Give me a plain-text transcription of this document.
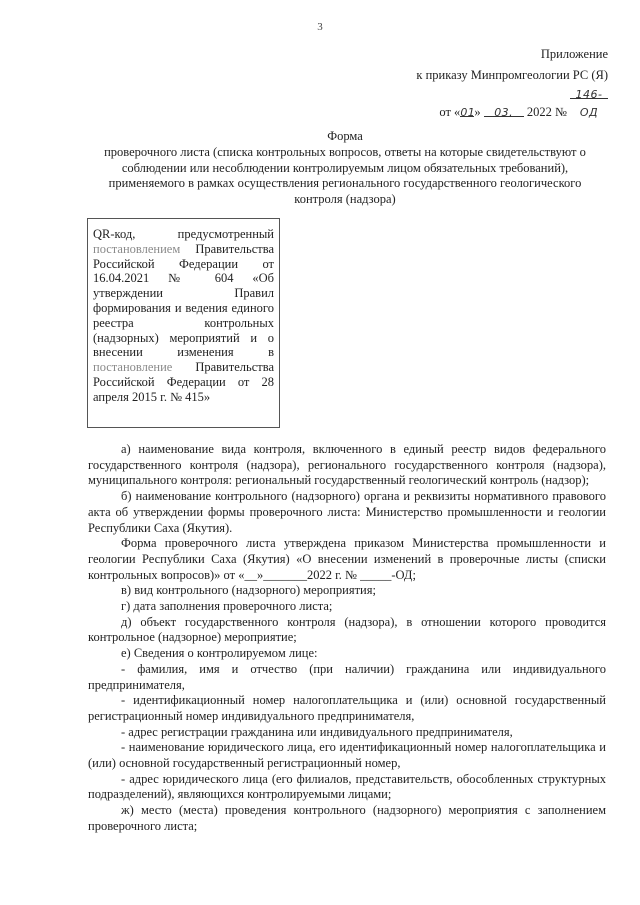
3
Приложение
к приказу Минпромгеологии РС (Я)
от «01» 03. 2022 № 146-ОД
Форма
проверочного листа (списка контрольных вопросов, ответы на которые свидетельствуют о
соблюдении или несоблюдении контролируемым лицом обязательных требований),
применяемого в рамках осуществления регионального государственного геологического
контроля (надзора)
QR-код, предусмотренный постановлением Правительства Российской Федерации от 16.04.2021 № 604 «Об утверждении Правил формирования и ведения единого реестра контрольных (надзорных) мероприятий и о внесении изменения в постановление Правительства Российской Федерации от 28 апреля 2015 г. № 415»

а) наименование вида контроля, включенного в единый реестр видов федерального государственного контроля (надзора), регионального государственного контроля (надзора), муниципального контроля: региональный государственный геологический контроль (надзор);

б) наименование контрольного (надзорного) органа и реквизиты нормативного правового акта об утверждении формы проверочного листа: Министерство промышленности и геологии Республики Саха (Якутия).

Форма проверочного листа утверждена приказом Министерства промышленности и геологии Республики Саха (Якутия) «О внесении изменений в проверочные листы (списки контрольных вопросов)» от «__»_______2022 г. № _____-ОД;

в) вид контрольного (надзорного) мероприятия;

г) дата заполнения проверочного листа;

д) объект государственного контроля (надзора), в отношении которого проводится контрольное (надзорное) мероприятие;

е) Сведения о контролируемом лице:

- фамилия, имя и отчество (при наличии) гражданина или индивидуального предпринимателя,

- идентификационный номер налогоплательщика и (или) основной государственный регистрационный номер индивидуального предпринимателя,

- адрес регистрации гражданина или индивидуального предпринимателя,

- наименование юридического лица, его идентификационный номер налогоплательщика и (или) основной государственный регистрационный номер,

- адрес юридического лица (его филиалов, представительств, обособленных структурных подразделений), являющихся контролируемыми лицами;

ж) место (места) проведения контрольного (надзорного) мероприятия с заполнением проверочного листа;
